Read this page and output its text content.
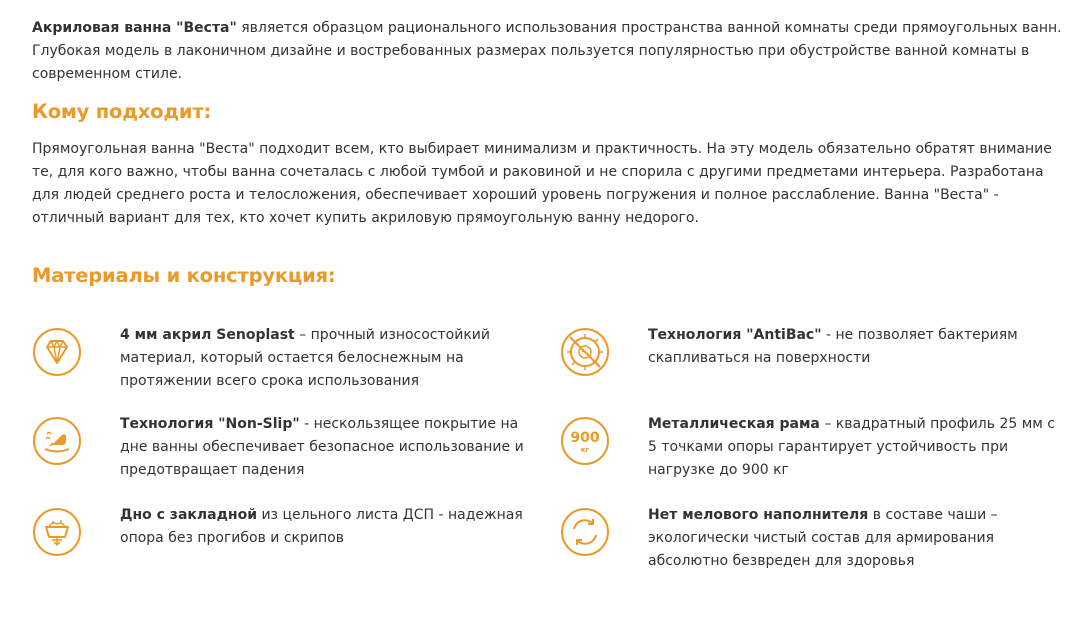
Акриловая ванна "Веста" является образцом рационального использования пространства ванной комнаты среди прямоугольных ванн. Глубокая модель в лаконичном дизайне и востребованных размерах пользуется популярностью при обустройстве ванной комнаты в современном стиле.
Кому подходит:
Прямоугольная ванна "Веста" подходит всем, кто выбирает минимализм и практичность. На эту модель обязательно обратят внимание те, для кого важно, чтобы ванна сочеталась с любой тумбой и раковиной и не спорила с другими предметами интерьера. Разработана для людей среднего роста и телосложения, обеспечивает хороший уровень погружения и полное расслабление. Ванна "Веста" - отличный вариант для тех, кто хочет купить акриловую прямоугольную ванну недорого.
Материалы и конструкция:
4 мм акрил Senoplast – прочный износостойкий материал, который остается белоснежным на протяжении всего срока использования
Технология "AntiBac" - не позволяет бактериям скапливаться на поверхности
Технология "Non-Slip" - нескользящее покрытие на дне ванны обеспечивает безопасное использование и предотвращает падения
900
кг
Металлическая рама – квадратный профиль 25 мм с 5 точками опоры гарантирует устойчивость при нагрузке до 900 кг
Дно с закладной из цельного листа ДСП - надежная опора без прогибов и скрипов
Нет мелового наполнителя в составе чаши – экологически чистый состав для армирования абсолютно безвреден для здоровья
